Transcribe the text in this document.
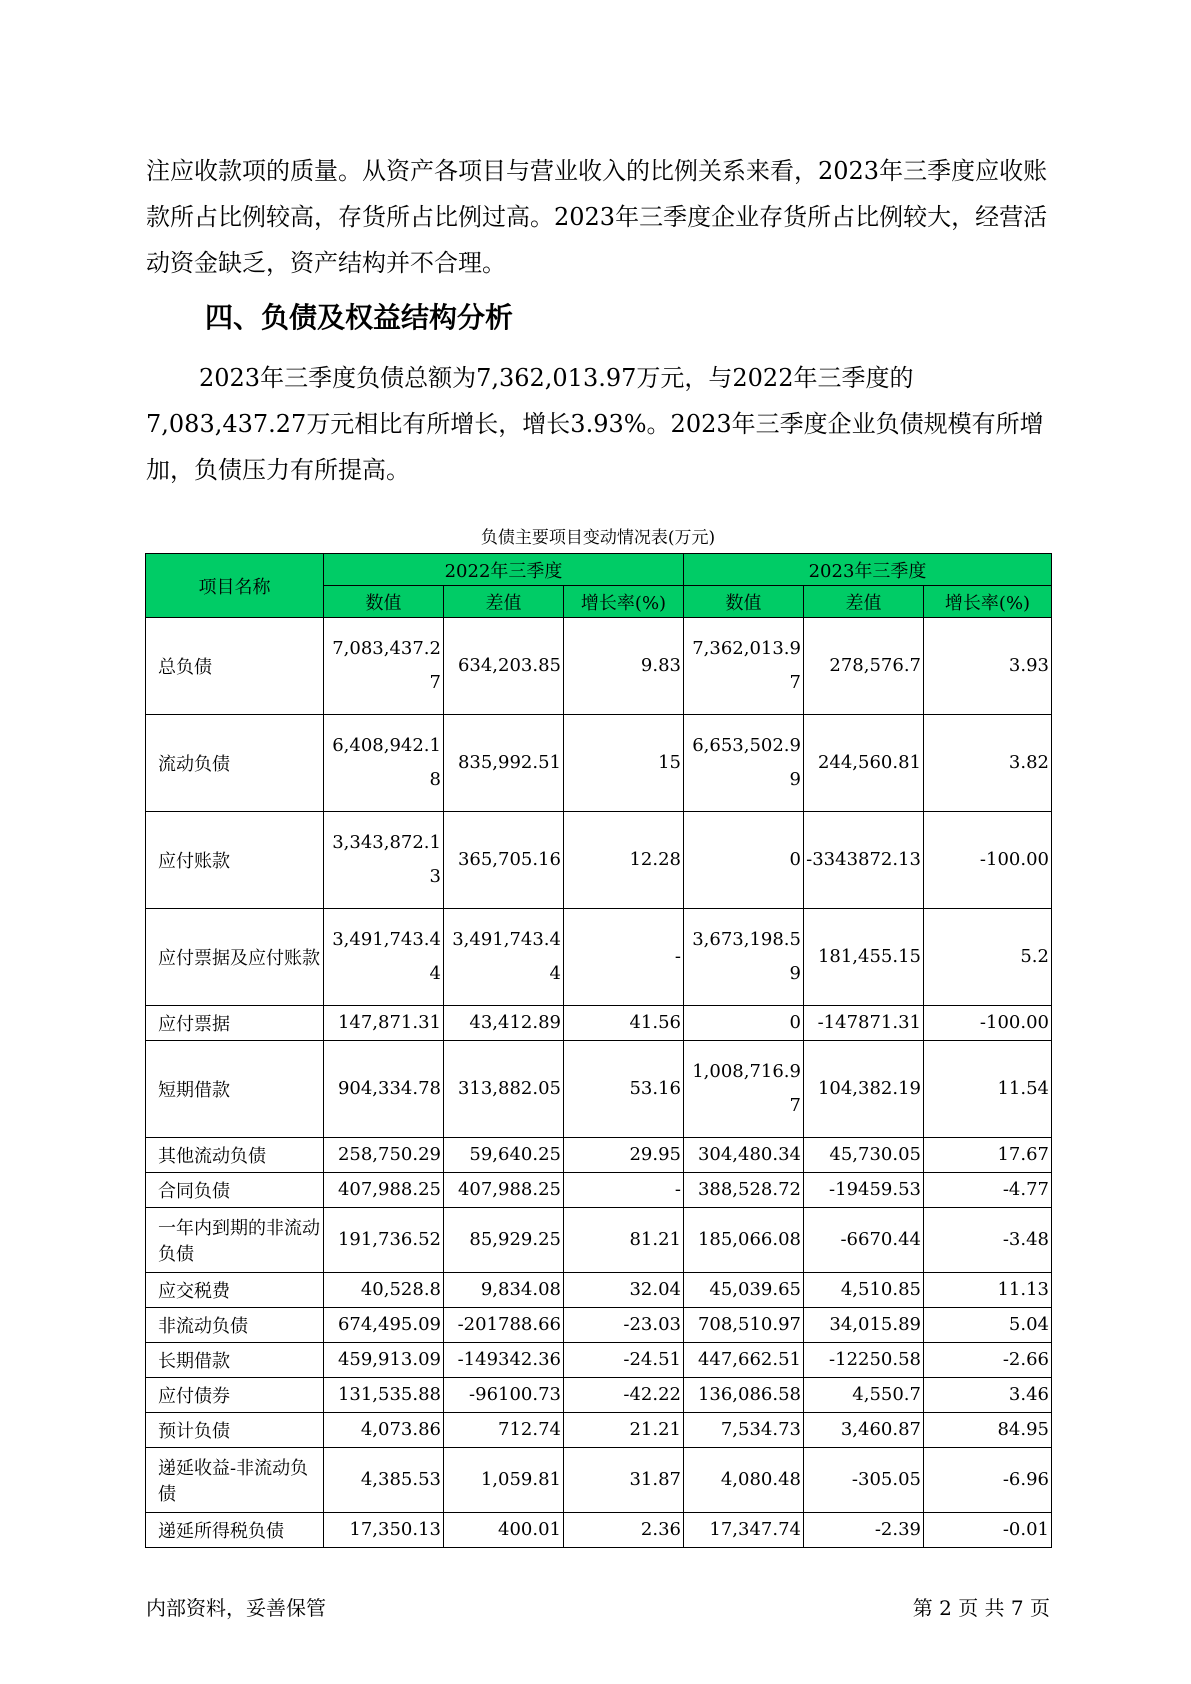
注应收款项的质量。从资产各项目与营业收入的比例关系来看，2023年三季度应收账款所占比例较高，存货所占比例过高。2023年三季度企业存货所占比例较大，经营活动资金缺乏，资产结构并不合理。

四、负债及权益结构分析

2023年三季度负债总额为7,362,013.97万元，与2022年三季度的7,083,437.27万元相比有所增长，增长3.93%。2023年三季度企业负债规模有所增加，负债压力有所提高。

负债主要项目变动情况表(万元)
项目名称	2022年三季度			2023年三季度		
	数值	差值	增长率(%)	数值	差值	增长率(%)
总负债	7,083,437.27	634,203.85	9.83	7,362,013.97	278,576.7	3.93
流动负债	6,408,942.18	835,992.51	15	6,653,502.99	244,560.81	3.82
应付账款	3,343,872.13	365,705.16	12.28	0	-3343872.13	-100.00
应付票据及应付账款	3,491,743.44	3,491,743.44	-	3,673,198.59	181,455.15	5.2
应付票据	147,871.31	43,412.89	41.56	0	-147871.31	-100.00
短期借款	904,334.78	313,882.05	53.16	1,008,716.97	104,382.19	11.54
其他流动负债	258,750.29	59,640.25	29.95	304,480.34	45,730.05	17.67
合同负债	407,988.25	407,988.25	-	388,528.72	-19459.53	-4.77
一年内到期的非流动负债	191,736.52	85,929.25	81.21	185,066.08	-6670.44	-3.48
应交税费	40,528.8	9,834.08	32.04	45,039.65	4,510.85	11.13
非流动负债	674,495.09	-201788.66	-23.03	708,510.97	34,015.89	5.04
长期借款	459,913.09	-149342.36	-24.51	447,662.51	-12250.58	-2.66
应付债券	131,535.88	-96100.73	-42.22	136,086.58	4,550.7	3.46
预计负债	4,073.86	712.74	21.21	7,534.73	3,460.87	84.95
递延收益-非流动负债	4,385.53	1,059.81	31.87	4,080.48	-305.05	-6.96
递延所得税负债	17,350.13	400.01	2.36	17,347.74	-2.39	-0.01
内部资料，妥善保管	第 2 页 共 7 页
